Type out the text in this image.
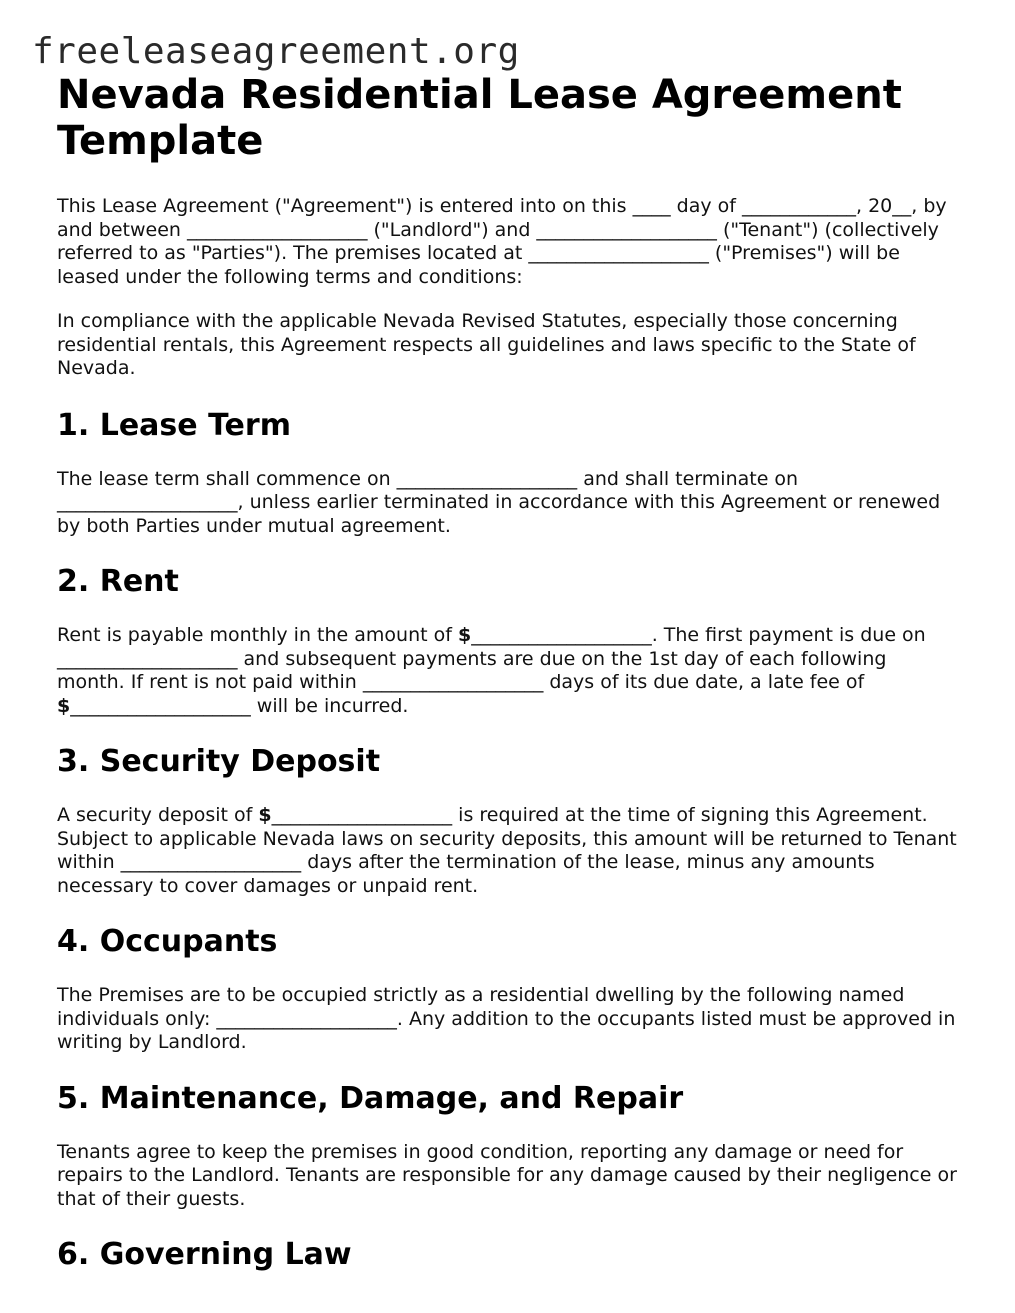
freeleaseagreement.org
Nevada Residential Lease Agreement Template

This Lease Agreement ("Agreement") is entered into on this ____ day of ____________, 20__, by and between ___________________ ("Landlord") and ___________________ ("Tenant") (collectively referred to as "Parties"). The premises located at ___________________ ("Premises") will be leased under the following terms and conditions:

In compliance with the applicable Nevada Revised Statutes, especially those concerning residential rentals, this Agreement respects all guidelines and laws specific to the State of Nevada.

1. Lease Term

The lease term shall commence on ___________________ and shall terminate on ___________________, unless earlier terminated in accordance with this Agreement or renewed by both Parties under mutual agreement.

2. Rent

Rent is payable monthly in the amount of $___________________. The first payment is due on ___________________ and subsequent payments are due on the 1st day of each following month. If rent is not paid within ___________________ days of its due date, a late fee of $___________________ will be incurred.

3. Security Deposit

A security deposit of $___________________ is required at the time of signing this Agreement. Subject to applicable Nevada laws on security deposits, this amount will be returned to Tenant within ___________________ days after the termination of the lease, minus any amounts necessary to cover damages or unpaid rent.

4. Occupants

The Premises are to be occupied strictly as a residential dwelling by the following named individuals only: ___________________. Any addition to the occupants listed must be approved in writing by Landlord.

5. Maintenance, Damage, and Repair

Tenants agree to keep the premises in good condition, reporting any damage or need for repairs to the Landlord. Tenants are responsible for any damage caused by their negligence or that of their guests.

6. Governing Law
